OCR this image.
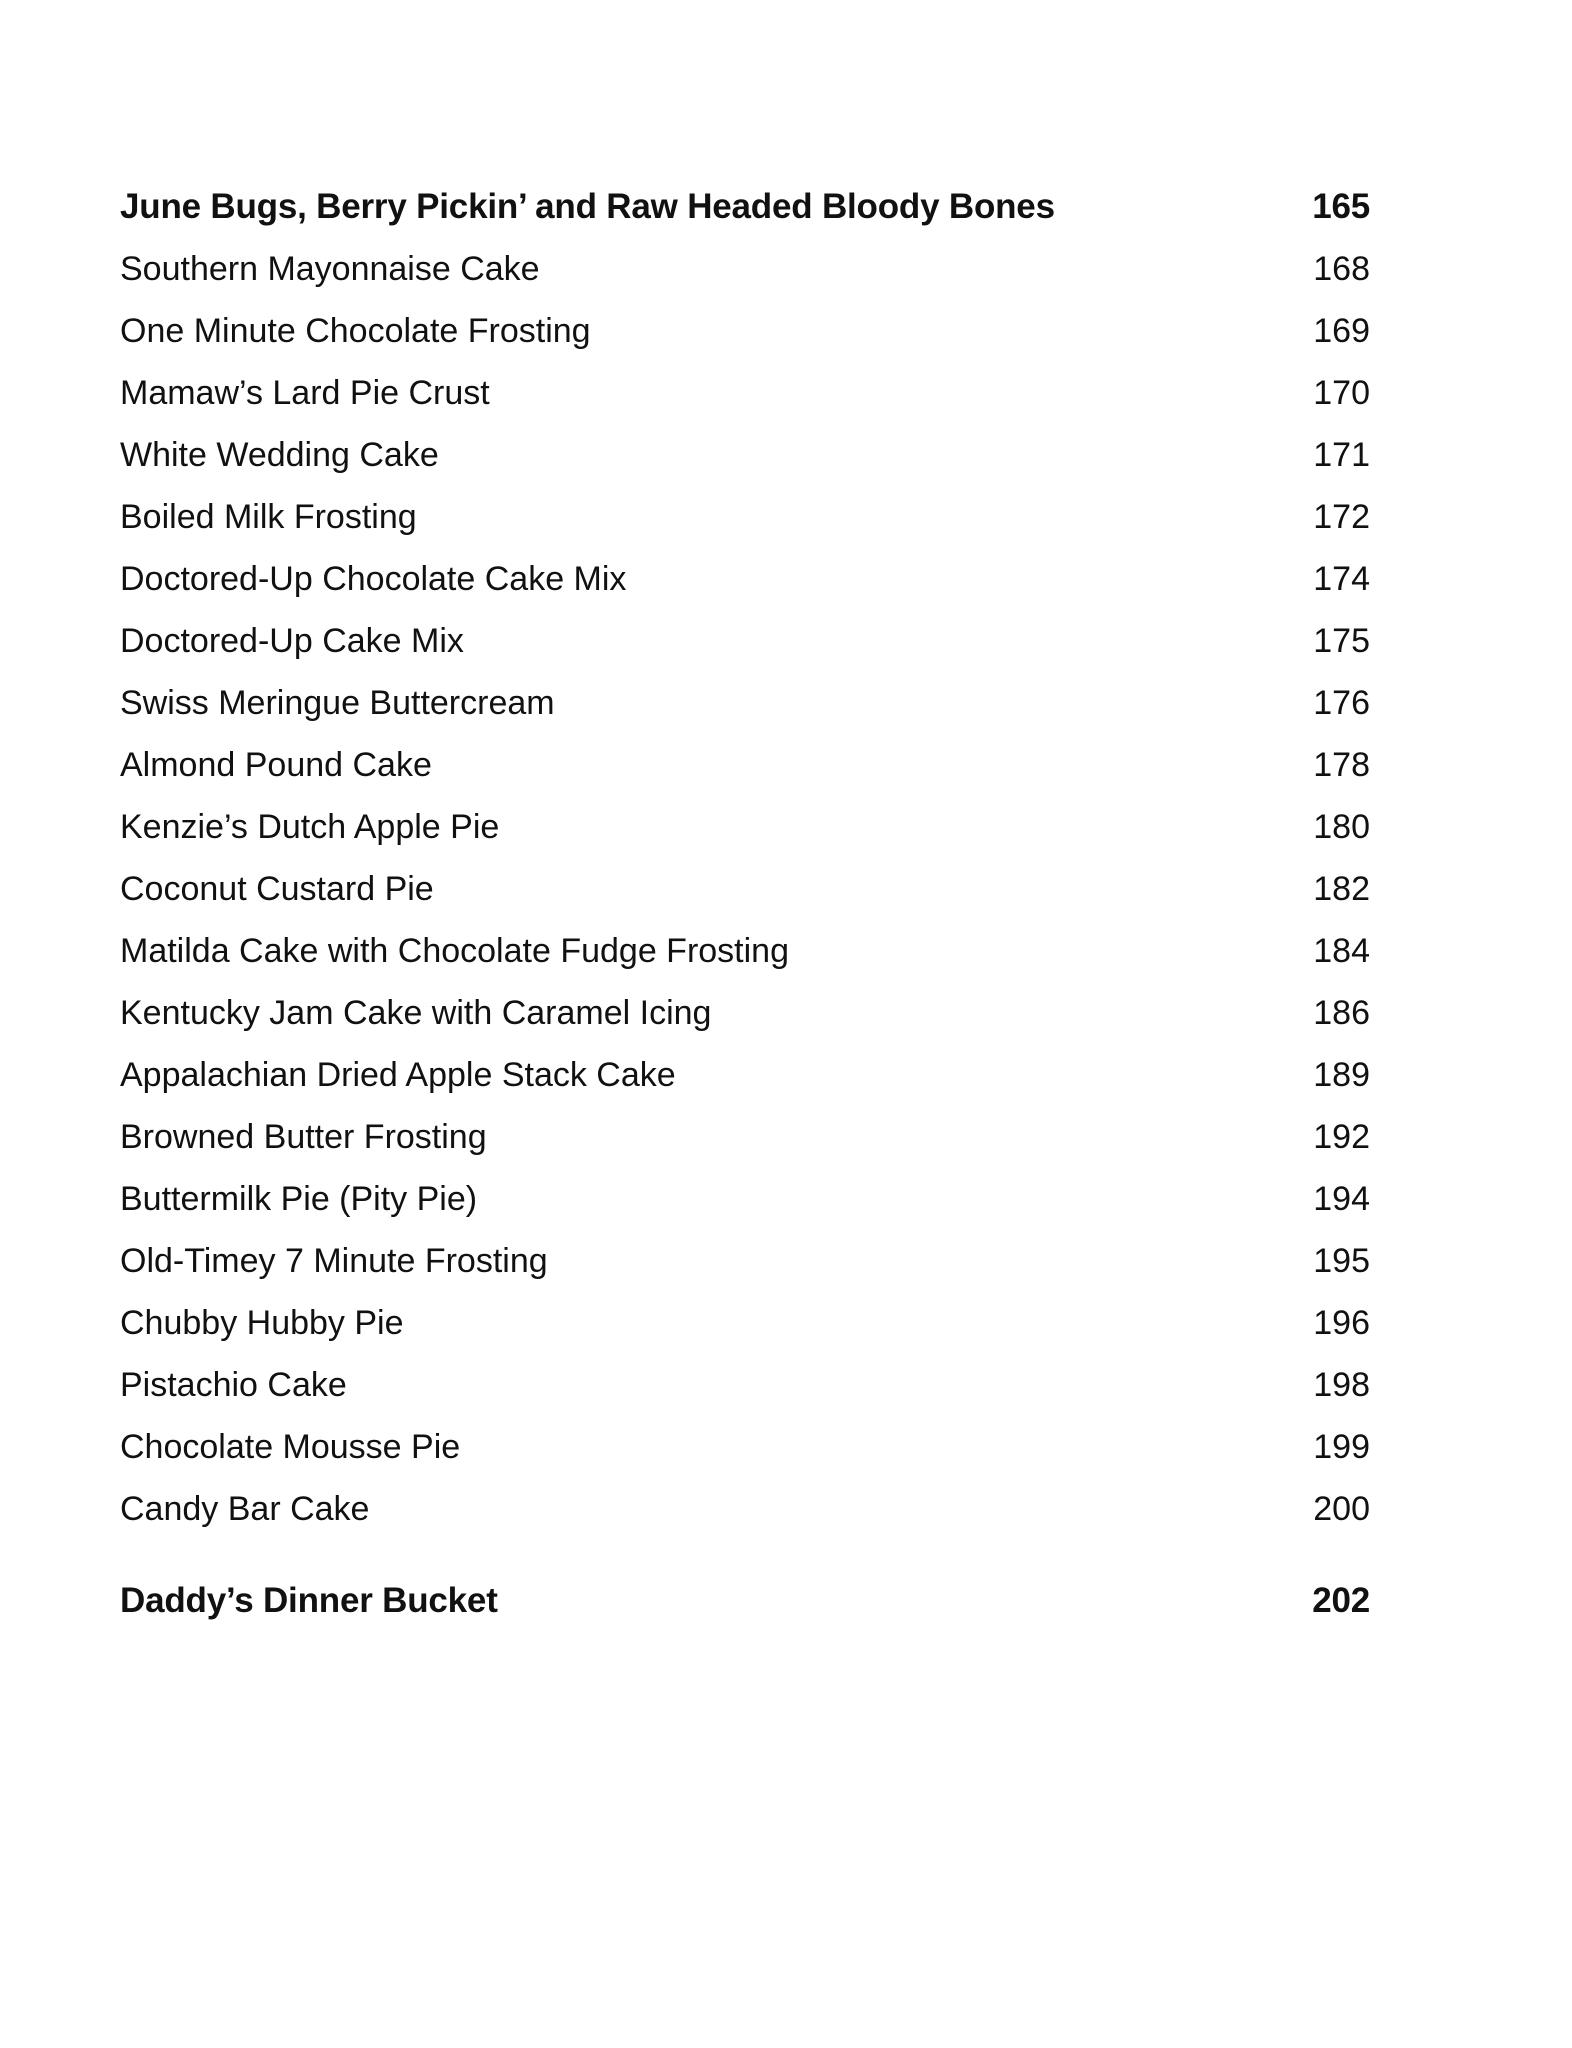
June Bugs, Berry Pickin’ and Raw Headed Bloody Bones	165
Southern Mayonnaise Cake	168
One Minute Chocolate Frosting	169
Mamaw’s Lard Pie Crust	170
White Wedding Cake	171
Boiled Milk Frosting	172
Doctored-Up Chocolate Cake Mix	174
Doctored-Up Cake Mix	175
Swiss Meringue Buttercream	176
Almond Pound Cake	178
Kenzie’s Dutch Apple Pie	180
Coconut Custard Pie	182
Matilda Cake with Chocolate Fudge Frosting	184
Kentucky Jam Cake with Caramel Icing	186
Appalachian Dried Apple Stack Cake	189
Browned Butter Frosting	192
Buttermilk Pie (Pity Pie)	194
Old-Timey 7 Minute Frosting	195
Chubby Hubby Pie	196
Pistachio Cake	198
Chocolate Mousse Pie	199
Candy Bar Cake	200
Daddy’s Dinner Bucket	202
